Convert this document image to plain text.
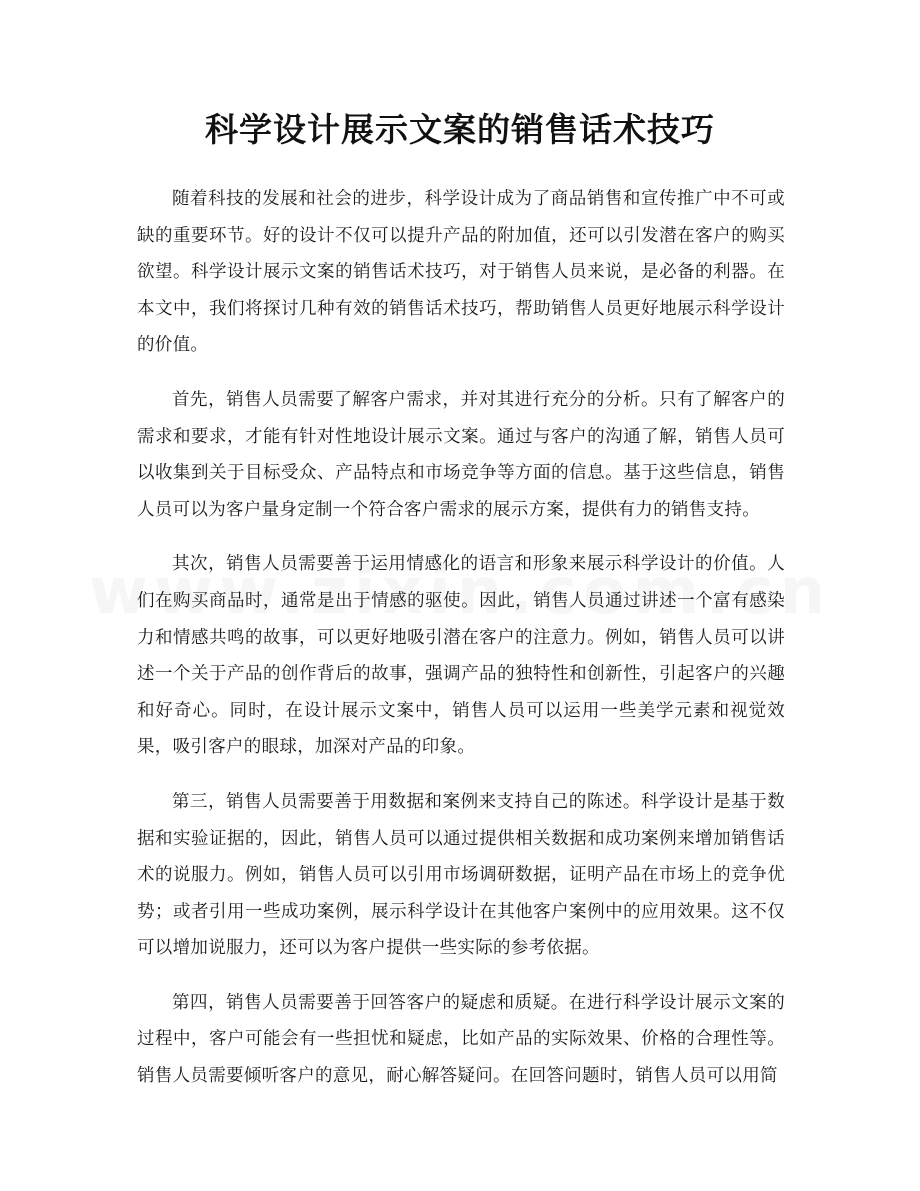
科学设计展示文案的销售话术技巧

随着科技的发展和社会的进步，科学设计成为了商品销售和宣传推广中不可或缺的重要环节。好的设计不仅可以提升产品的附加值，还可以引发潜在客户的购买欲望。科学设计展示文案的销售话术技巧，对于销售人员来说，是必备的利器。在本文中，我们将探讨几种有效的销售话术技巧，帮助销售人员更好地展示科学设计的价值。

首先，销售人员需要了解客户需求，并对其进行充分的分析。只有了解客户的需求和要求，才能有针对性地设计展示文案。通过与客户的沟通了解，销售人员可以收集到关于目标受众、产品特点和市场竞争等方面的信息。基于这些信息，销售人员可以为客户量身定制一个符合客户需求的展示方案，提供有力的销售支持。

其次，销售人员需要善于运用情感化的语言和形象来展示科学设计的价值。人们在购买商品时，通常是出于情感的驱使。因此，销售人员通过讲述一个富有感染力和情感共鸣的故事，可以更好地吸引潜在客户的注意力。例如，销售人员可以讲述一个关于产品的创作背后的故事，强调产品的独特性和创新性，引起客户的兴趣和好奇心。同时，在设计展示文案中，销售人员可以运用一些美学元素和视觉效果，吸引客户的眼球，加深对产品的印象。

第三，销售人员需要善于用数据和案例来支持自己的陈述。科学设计是基于数据和实验证据的，因此，销售人员可以通过提供相关数据和成功案例来增加销售话术的说服力。例如，销售人员可以引用市场调研数据，证明产品在市场上的竞争优势；或者引用一些成功案例，展示科学设计在其他客户案例中的应用效果。这不仅可以增加说服力，还可以为客户提供一些实际的参考依据。

第四，销售人员需要善于回答客户的疑虑和质疑。在进行科学设计展示文案的过程中，客户可能会有一些担忧和疑虑，比如产品的实际效果、价格的合理性等。销售人员需要倾听客户的意见，耐心解答疑问。在回答问题时，销售人员可以用简
